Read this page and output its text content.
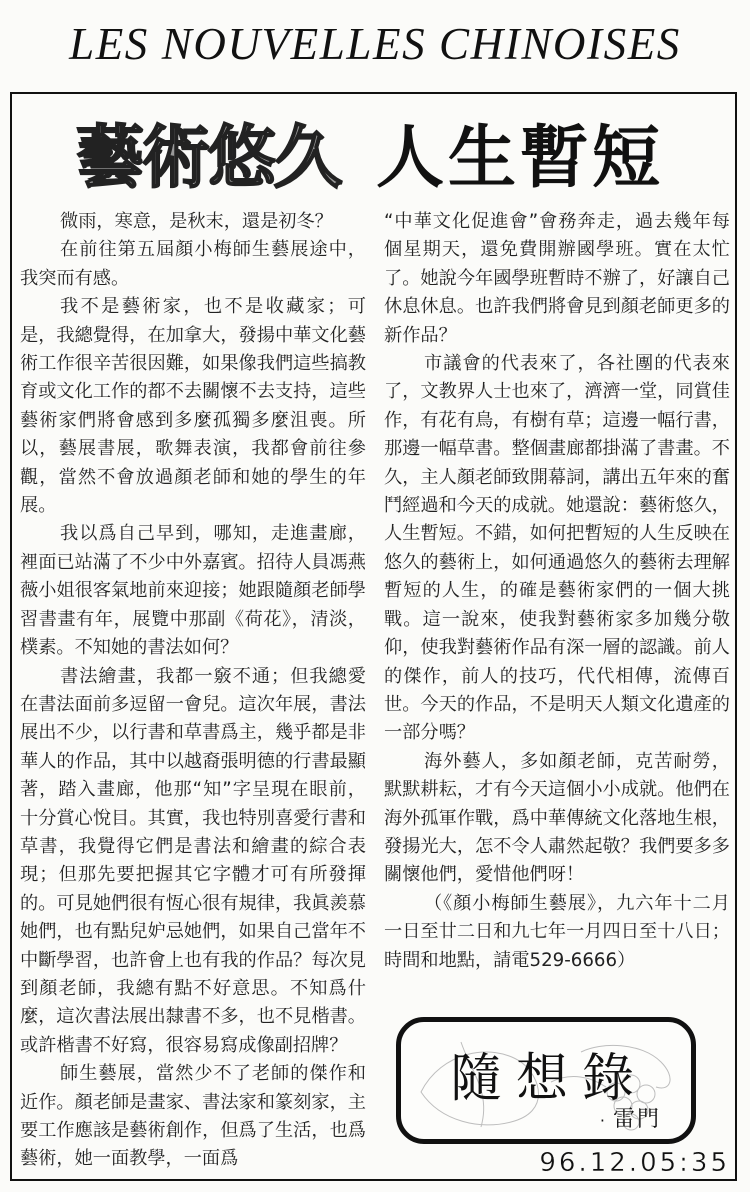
LES NOUVELLES CHINOISES
藝術悠久 人生暫短

微雨，寒意，是秋末，還是初冬？

在前往第五屆顏小梅師生藝展途中，我突而有感。

我不是藝術家，也不是收藏家；可是，我總覺得，在加拿大，發揚中華文化藝術工作很辛苦很因難，如果像我們這些搞教育或文化工作的都不去關懷不去支持，這些藝術家們將會感到多麼孤獨多麼沮喪。所以，藝展書展，歌舞表演，我都會前往參觀，當然不會放過顏老師和她的學生的年展。

我以爲自己早到，哪知，走進畫廊，裡面已站滿了不少中外嘉賓。招待人員馮燕薇小姐很客氣地前來迎接；她跟隨顏老師學習書畫有年，展覽中那副《荷花》，清淡，樸素。不知她的書法如何？

書法繪畫，我都一竅不通；但我總愛在書法面前多逗留一會兒。這次年展，書法展出不少，以行書和草書爲主，幾乎都是非華人的作品，其中以越裔張明德的行書最顯著，踏入畫廊，他那“知”字呈現在眼前，十分賞心悅目。其實，我也特別喜愛行書和草書，我覺得它們是書法和繪畫的綜合表現；但那先要把握其它字體才可有所發揮的。可見她們很有恆心很有規律，我眞羨慕她們，也有點兒妒忌她們，如果自己當年不中斷學習，也許會上也有我的作品？每次見到顏老師，我總有點不好意思。不知爲什麼，這次書法展出隸書不多，也不見楷書。或許楷書不好寫，很容易寫成像副招牌？

師生藝展，當然少不了老師的傑作和近作。顏老師是畫家、書法家和篆刻家，主要工作應該是藝術創作，但爲了生活，也爲藝術，她一面教學，一面爲

“中華文化促進會”會務奔走，過去幾年每個星期天，還免費開辦國學班。實在太忙了。她說今年國學班暫時不辦了，好讓自己休息休息。也許我們將會見到顏老師更多的新作品？

市議會的代表來了，各社團的代表來了，文教界人士也來了，濟濟一堂，同賞佳作，有花有鳥，有樹有草；這邊一幅行書，那邊一幅草書。整個畫廊都掛滿了書畫。不久，主人顏老師致開幕詞，講出五年來的奮鬥經過和今天的成就。她還說：藝術悠久，人生暫短。不錯，如何把暫短的人生反映在悠久的藝術上，如何通過悠久的藝術去理解暫短的人生，的確是藝術家們的一個大挑戰。這一說來，使我對藝術家多加幾分敬仰，使我對藝術作品有深一層的認識。前人的傑作，前人的技巧，代代相傳，流傳百世。今天的作品，不是明天人類文化遺產的一部分嗎？

海外藝人，多如顏老師，克苦耐勞，默默耕耘，才有今天這個小小成就。他們在海外孤軍作戰，爲中華傳統文化落地生根，發揚光大，怎不令人肅然起敬？我們要多多關懷他們，愛惜他們呀！

（《顏小梅師生藝展》，九六年十二月一日至廿二日和九七年一月四日至十八日；時間和地點，請電529-6666）

隨想錄
· 雷門
96.12.05:35
